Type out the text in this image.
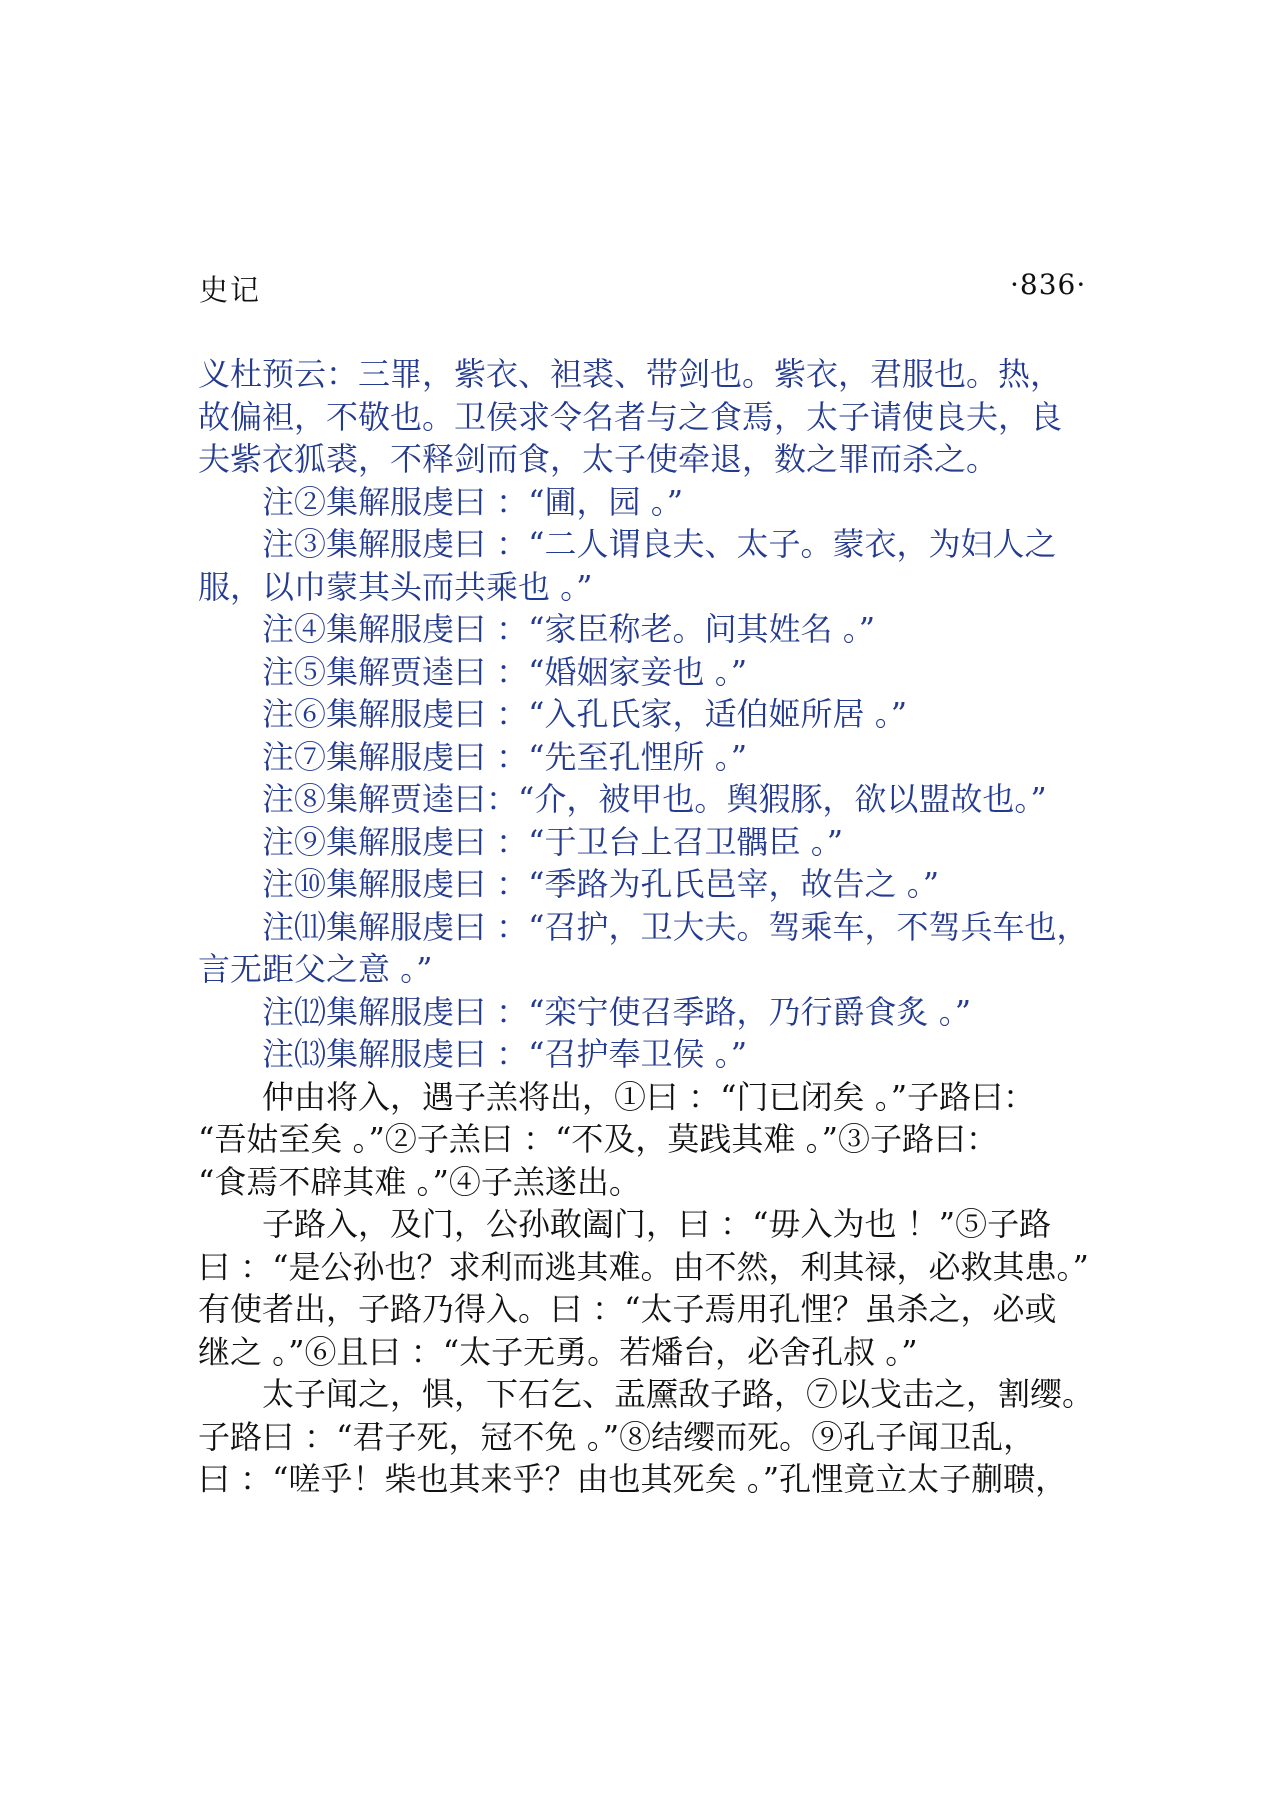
史记	·836·
义杜预云：三罪，紫衣、袒裘、带剑也。紫衣，君服也。热，
故偏袒，不敬也。卫侯求令名者与之食焉，太子请使良夫，良
夫紫衣狐裘，不释剑而食，太子使牵退，数之罪而杀之。
注②集解服虔曰 ：“圃，园 。”
注③集解服虔曰 ：“二人谓良夫、太子。蒙衣，为妇人之
服，以巾蒙其头而共乘也 。”
注④集解服虔曰 ：“家臣称老。问其姓名 。”
注⑤集解贾逵曰 ：“婚姻家妾也 。”
注⑥集解服虔曰 ：“入孔氏家，适伯姬所居 。”
注⑦集解服虔曰 ：“先至孔悝所 。”
注⑧集解贾逵曰：“介，被甲也。舆猳豚，欲以盟故也。”
注⑨集解服虔曰 ：“于卫台上召卫髃臣 。”
注⑩集解服虔曰 ：“季路为孔氏邑宰，故告之 。”
注⑾集解服虔曰 ：“召护，卫大夫。驾乘车，不驾兵车也，
言无距父之意 。”
注⑿集解服虔曰 ：“栾宁使召季路，乃行爵食炙 。”
注⒀集解服虔曰 ：“召护奉卫侯 。”
仲由将入，遇子羔将出，①曰 ：“门已闭矣 。”子路曰：
“吾姑至矣 。”②子羔曰 ：“不及，莫践其难 。”③子路曰：
“食焉不辟其难 。”④子羔遂出。
子路入，及门，公孙敢阖门，曰 ：“毋入为也 ！”⑤子路
曰 ：“是公孙也？求利而逃其难。由不然，利其禄，必救其患。”
有使者出，子路乃得入。曰 ：“太子焉用孔悝？虽杀之，必或
继之 。”⑥且曰 ：“太子无勇。若燔台，必舍孔叔 。”
太子闻之，惧，下石乞、盂黡敌子路，⑦以戈击之，割缨。
子路曰 ：“君子死，冠不免 。”⑧结缨而死。⑨孔子闻卫乱，
曰 ：“嗟乎！柴也其来乎？由也其死矣 。”孔悝竟立太子蒯聩，
